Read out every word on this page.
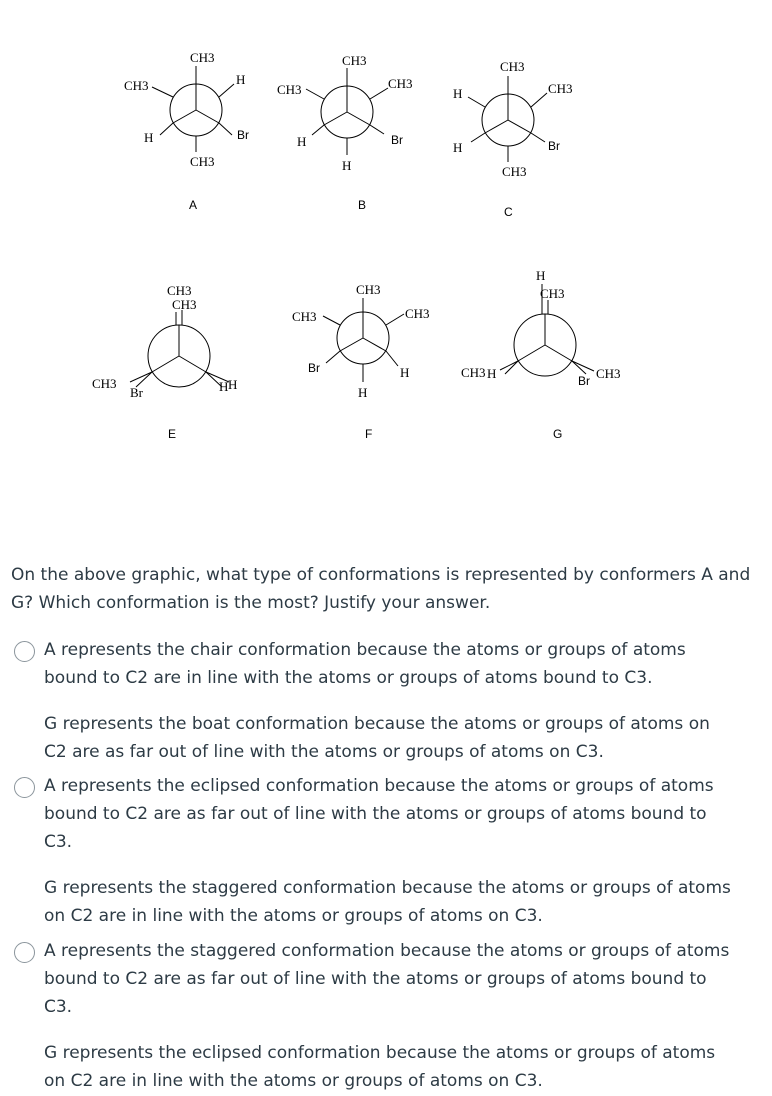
CH3
CH3	H
H	Br
CH3
A
CH3
CH3	CH3
H	Br
H
B
CH3
H	CH3
H	Br
CH3
C
CH3
CH3
CH3
Br	H H
E
CH3
CH3	CH3
Br	H
H
F
H
CH3
CH3 H	Br CH3
G

On the above graphic, what type of conformations is represented by conformers A and G? Which conformation is the most? Justify your answer.

A represents the chair conformation because the atoms or groups of atoms bound to C2 are in line with the atoms or groups of atoms bound to C3.

G represents the boat conformation because the atoms or groups of atoms on C2 are as far out of line with the atoms or groups of atoms on C3.

A represents the eclipsed conformation because the atoms or groups of atoms bound to C2 are as far out of line with the atoms or groups of atoms bound to C3.

G represents the staggered conformation because the atoms or groups of atoms on C2 are in line with the atoms or groups of atoms on C3.

A represents the staggered conformation because the atoms or groups of atoms bound to C2 are as far out of line with the atoms or groups of atoms bound to C3.

G represents the eclipsed conformation because the atoms or groups of atoms on C2 are in line with the atoms or groups of atoms on C3.
